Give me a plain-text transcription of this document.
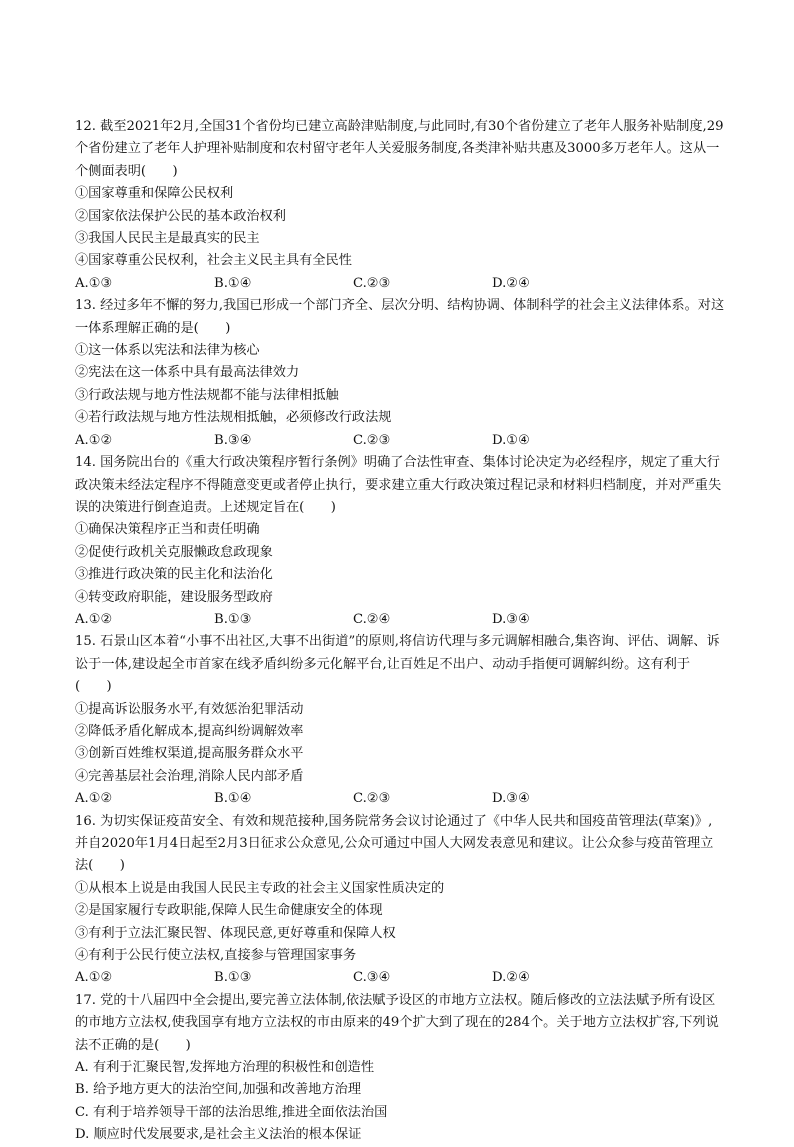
12. 截至2021年2月,全国31个省份均已建立高龄津贴制度,与此同时,有30个省份建立了老年人服务补贴制度,29个省份建立了老年人护理补贴制度和农村留守老年人关爱服务制度,各类津补贴共惠及3000多万老年人。这从一个侧面表明(　　)
①国家尊重和保障公民权利
②国家依法保护公民的基本政治权利
③我国人民民主是最真实的民主
④国家尊重公民权利，社会主义民主具有全民性
A.①③	B.①④	C.②③	D.②④
13. 经过多年不懈的努力,我国已形成一个部门齐全、层次分明、结构协调、体制科学的社会主义法律体系。对这一体系理解正确的是(　　)
①这一体系以宪法和法律为核心
②宪法在这一体系中具有最高法律效力
③行政法规与地方性法规都不能与法律相抵触
④若行政法规与地方性法规相抵触，必须修改行政法规
A.①②	B.③④	C.②③	D.①④
14. 国务院出台的《重大行政决策程序暂行条例》明确了合法性审查、集体讨论决定为必经程序，规定了重大行政决策未经法定程序不得随意变更或者停止执行，要求建立重大行政决策过程记录和材料归档制度，并对严重失误的决策进行倒查追责。上述规定旨在(　　)
①确保决策程序正当和责任明确
②促使行政机关克服懒政怠政现象
③推进行政决策的民主化和法治化
④转变政府职能，建设服务型政府
A.①②	B.①③	C.②④	D.③④
15. 石景山区本着“小事不出社区,大事不出街道”的原则,将信访代理与多元调解相融合,集咨询、评估、调解、诉讼于一体,建设起全市首家在线矛盾纠纷多元化解平台,让百姓足不出户、动动手指便可调解纠纷。这有利于(　　)
①提高诉讼服务水平,有效惩治犯罪活动
②降低矛盾化解成本,提高纠纷调解效率
③创新百姓维权渠道,提高服务群众水平
④完善基层社会治理,消除人民内部矛盾
A.①②	B.①④	C.②③	D.③④
16. 为切实保证疫苗安全、有效和规范接种,国务院常务会议讨论通过了《中华人民共和国疫苗管理法(草案)》,并自2020年1月4日起至2月3日征求公众意见,公众可通过中国人大网发表意见和建议。让公众参与疫苗管理立法(　　)
①从根本上说是由我国人民民主专政的社会主义国家性质决定的
②是国家履行专政职能,保障人民生命健康安全的体现
③有利于立法汇聚民智、体现民意,更好尊重和保障人权
④有利于公民行使立法权,直接参与管理国家事务
A.①②	B.①③	C.③④	D.②④
17. 党的十八届四中全会提出,要完善立法体制,依法赋予设区的市地方立法权。随后修改的立法法赋予所有设区的市地方立法权,使我国享有地方立法权的市由原来的49个扩大到了现在的284个。关于地方立法权扩容,下列说法不正确的是(　　)
A. 有利于汇聚民智,发挥地方治理的积极性和创造性
B. 给予地方更大的法治空间,加强和改善地方治理
C. 有利于培养领导干部的法治思维,推进全面依法治国
D. 顺应时代发展要求,是社会主义法治的根本保证
